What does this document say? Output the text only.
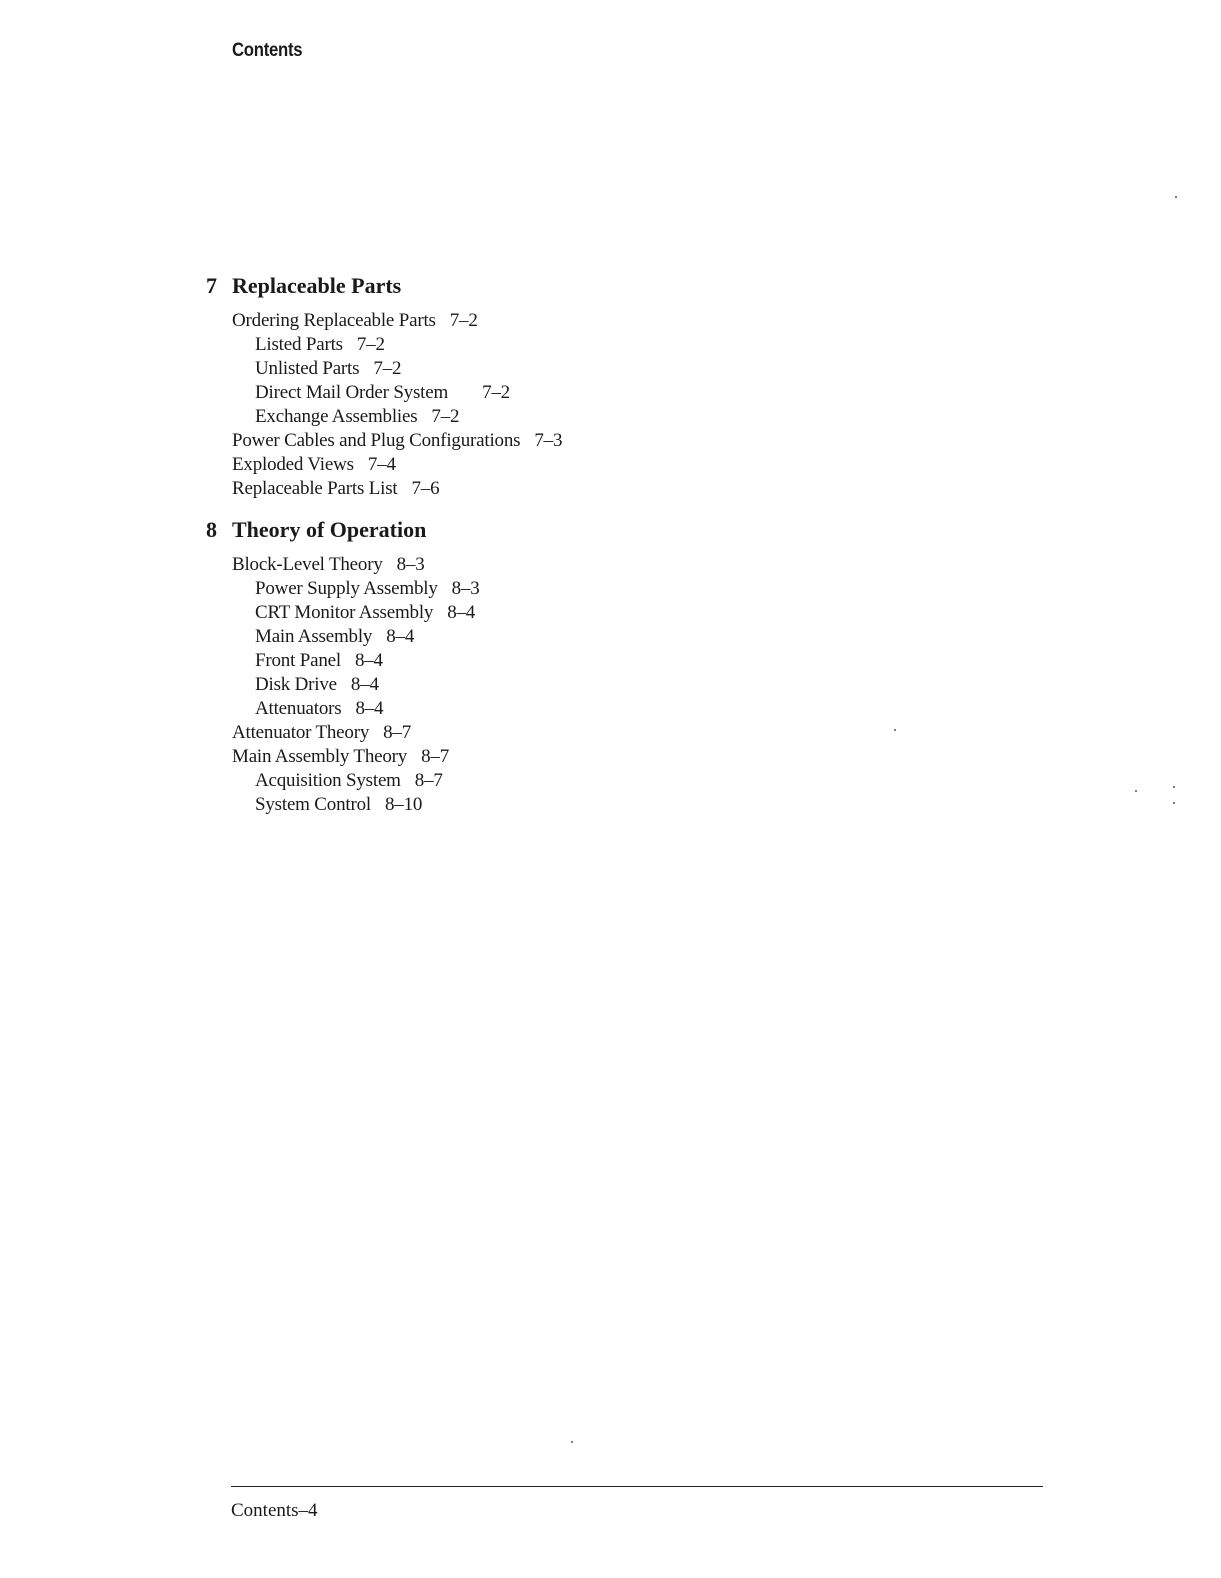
Contents
7 Replaceable Parts
Ordering Replaceable Parts 7–2
Listed Parts 7–2
Unlisted Parts 7–2
Direct Mail Order System 7–2
Exchange Assemblies 7–2
Power Cables and Plug Configurations 7–3
Exploded Views 7–4
Replaceable Parts List 7–6
8 Theory of Operation
Block-Level Theory 8–3
Power Supply Assembly 8–3
CRT Monitor Assembly 8–4
Main Assembly 8–4
Front Panel 8–4
Disk Drive 8–4
Attenuators 8–4
Attenuator Theory 8–7
Main Assembly Theory 8–7
Acquisition System 8–7
System Control 8–10
Contents–4
